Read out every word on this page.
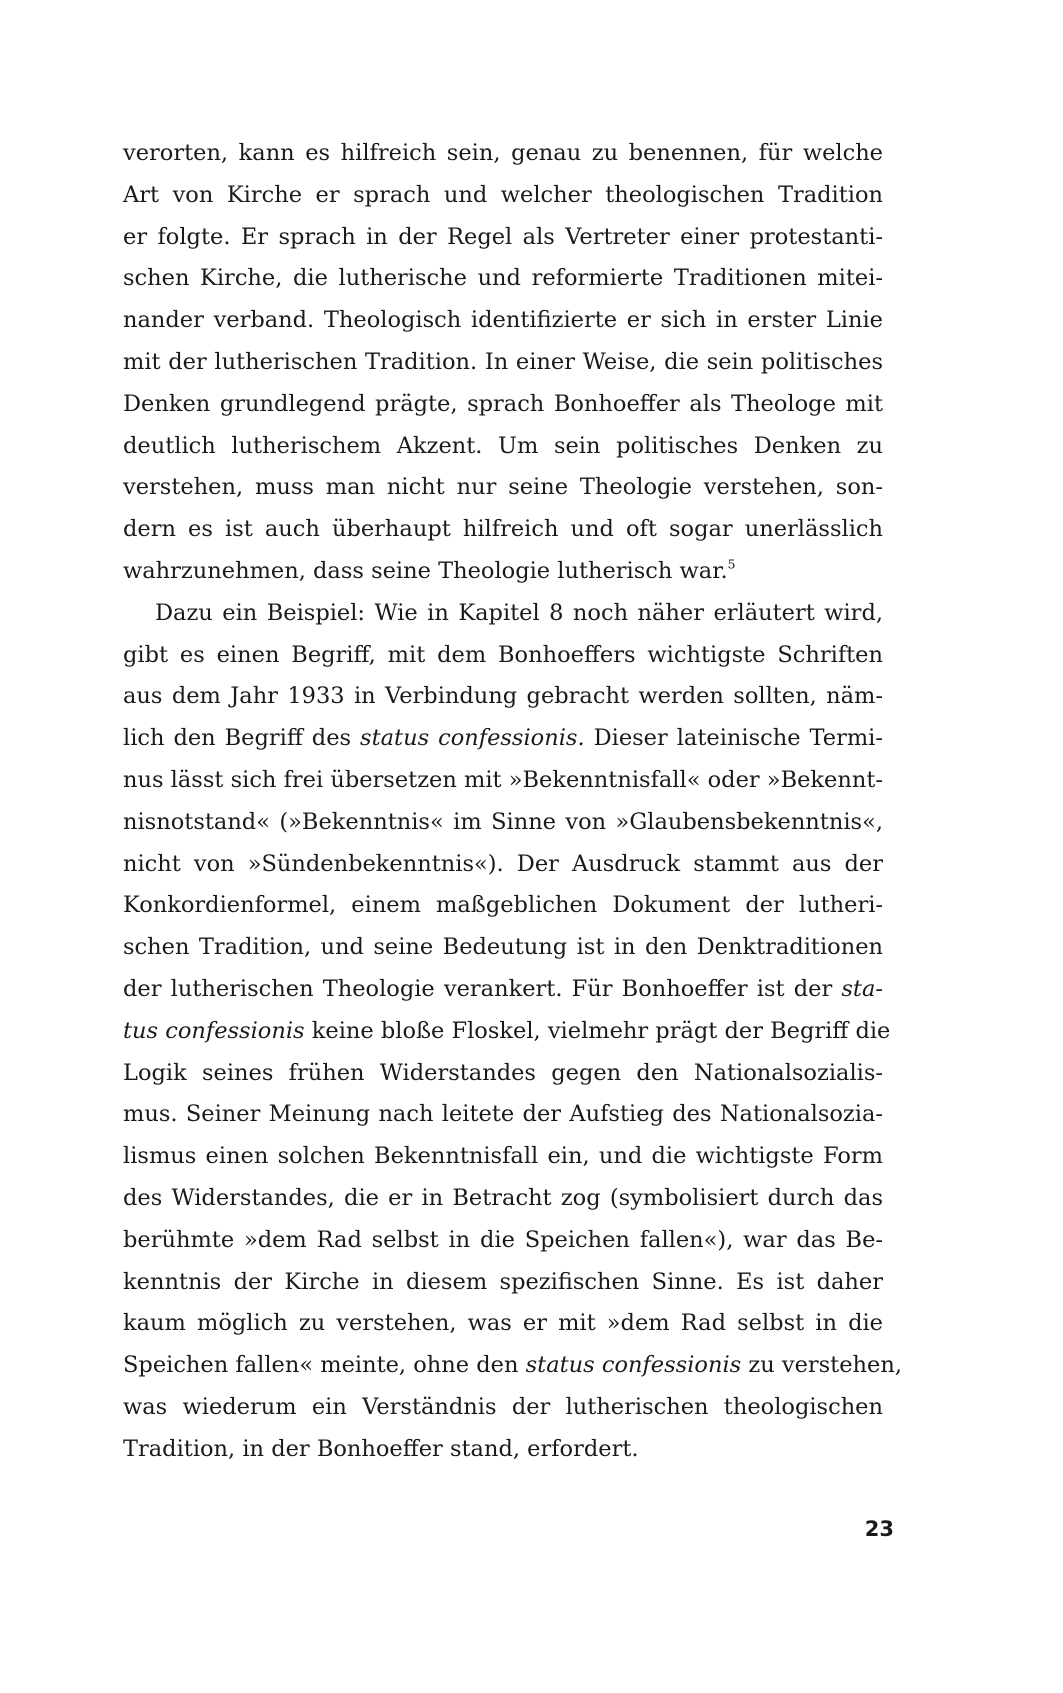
verorten, kann es hilfreich sein, genau zu benennen, für welche
Art von Kirche er sprach und welcher theologischen Tradition
er folgte. Er sprach in der Regel als Vertreter einer protestanti-
schen Kirche, die lutherische und reformierte Traditionen mitei-
nander verband. Theologisch identifizierte er sich in erster Linie
mit der lutherischen Tradition. In einer Weise, die sein politisches
Denken grundlegend prägte, sprach Bonhoeffer als Theologe mit
deutlich lutherischem Akzent. Um sein politisches Denken zu
verstehen, muss man nicht nur seine Theologie verstehen, son-
dern es ist auch überhaupt hilfreich und oft sogar unerlässlich
wahrzunehmen, dass seine Theologie lutherisch war.$^5$
Dazu ein Beispiel: Wie in Kapitel 8 noch näher erläutert wird,
gibt es einen Begriff, mit dem Bonhoeffers wichtigste Schriften
aus dem Jahr 1933 in Verbindung gebracht werden sollten, näm-
lich den Begriff des status confessionis. Dieser lateinische Termi-
nus lässt sich frei übersetzen mit »Bekenntnisfall« oder »Bekennt-
nisnotstand« (»Bekenntnis« im Sinne von »Glaubensbekenntnis«,
nicht von »Sündenbekenntnis«). Der Ausdruck stammt aus der
Konkordienformel, einem maßgeblichen Dokument der lutheri-
schen Tradition, und seine Bedeutung ist in den Denktraditionen
der lutherischen Theologie verankert. Für Bonhoeffer ist der sta-
tus confessionis keine bloße Floskel, vielmehr prägt der Begriff die
Logik seines frühen Widerstandes gegen den Nationalsozialis-
mus. Seiner Meinung nach leitete der Aufstieg des Nationalsozia-
lismus einen solchen Bekenntnisfall ein, und die wichtigste Form
des Widerstandes, die er in Betracht zog (symbolisiert durch das
berühmte »dem Rad selbst in die Speichen fallen«), war das Be-
kenntnis der Kirche in diesem spezifischen Sinne. Es ist daher
kaum möglich zu verstehen, was er mit »dem Rad selbst in die
Speichen fallen« meinte, ohne den status confessionis zu verstehen,
was wiederum ein Verständnis der lutherischen theologischen
Tradition, in der Bonhoeffer stand, erfordert.
23
